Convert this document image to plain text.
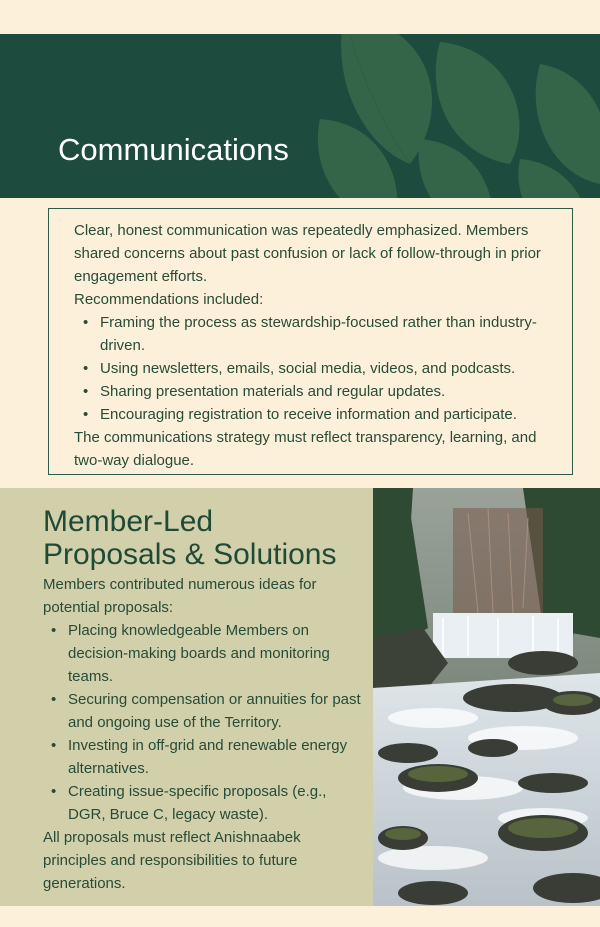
Communications

Clear, honest communication was repeatedly emphasized. Members shared concerns about past confusion or lack of follow-through in prior engagement efforts.

Recommendations included:

• Framing the process as stewardship-focused rather than industry-driven.
• Using newsletters, emails, social media, videos, and podcasts.
• Sharing presentation materials and regular updates.
• Encouraging registration to receive information and participate.

The communications strategy must reflect transparency, learning, and two-way dialogue.

Member-Led
Proposals & Solutions

Members contributed numerous ideas for potential proposals:

• Placing knowledgeable Members on decision-making boards and monitoring teams.
• Securing compensation or annuities for past and ongoing use of the Territory.
• Investing in off-grid and renewable energy alternatives.
• Creating issue-specific proposals (e.g., DGR, Bruce C, legacy waste).

All proposals must reflect Anishnaabek principles and responsibilities to future generations.
